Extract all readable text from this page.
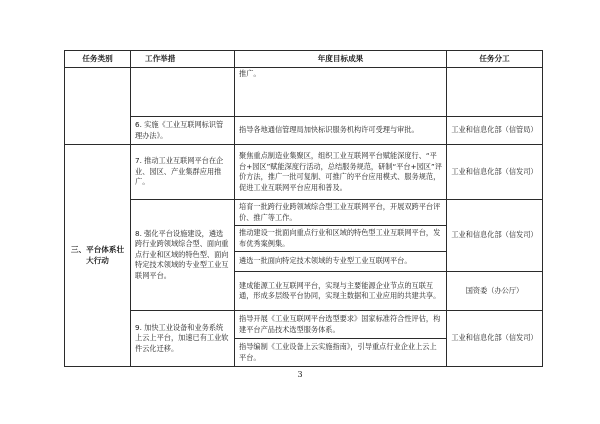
任务类别	工作举措	年度目标成果	任务分工
		推广。	
	6. 实施《工业互联网标识管理办法》。	指导各地通信管理局加快标识服务机构许可受理与审批。	工业和信息化部（信管局）
三、平台体系壮大行动	7. 推动工业互联网平台在企业、园区、产业集群应用推广。	聚焦重点制造业集聚区，组织工业互联网平台赋能深度行、“平台+园区”赋能深度行活动，总结服务规范，研制“平台+园区”评价方法，推广一批可复制、可推广的平台应用模式、服务规范，促进工业互联网平台应用和普及。	工业和信息化部（信发司）
	8. 强化平台设施建设，遴选跨行业跨领域综合型、面向重点行业和区域的特色型、面向特定技术领域的专业型工业互联网平台。	培育一批跨行业跨领域综合型工业互联网平台，开展双跨平台评价、推广等工作。	工业和信息化部（信发司）
		推动建设一批面向重点行业和区域的特色型工业互联网平台，发布优秀案例集。	
		遴选一批面向特定技术领域的专业型工业互联网平台。	
		建成能源工业互联网平台，实现与主要能源企业节点的互联互通，形成多层级平台协同，实现主数据和工业应用的共建共享。	国资委（办公厅）
	9. 加快工业设备和业务系统上云上平台，加速已有工业软件云化迁移。	指导开展《工业互联网平台选型要求》国家标准符合性评估，构建平台产品技术选型服务体系。	工业和信息化部（信发司）
		指导编制《工业设备上云实施指南》，引导重点行业企业上云上平台。	
3
